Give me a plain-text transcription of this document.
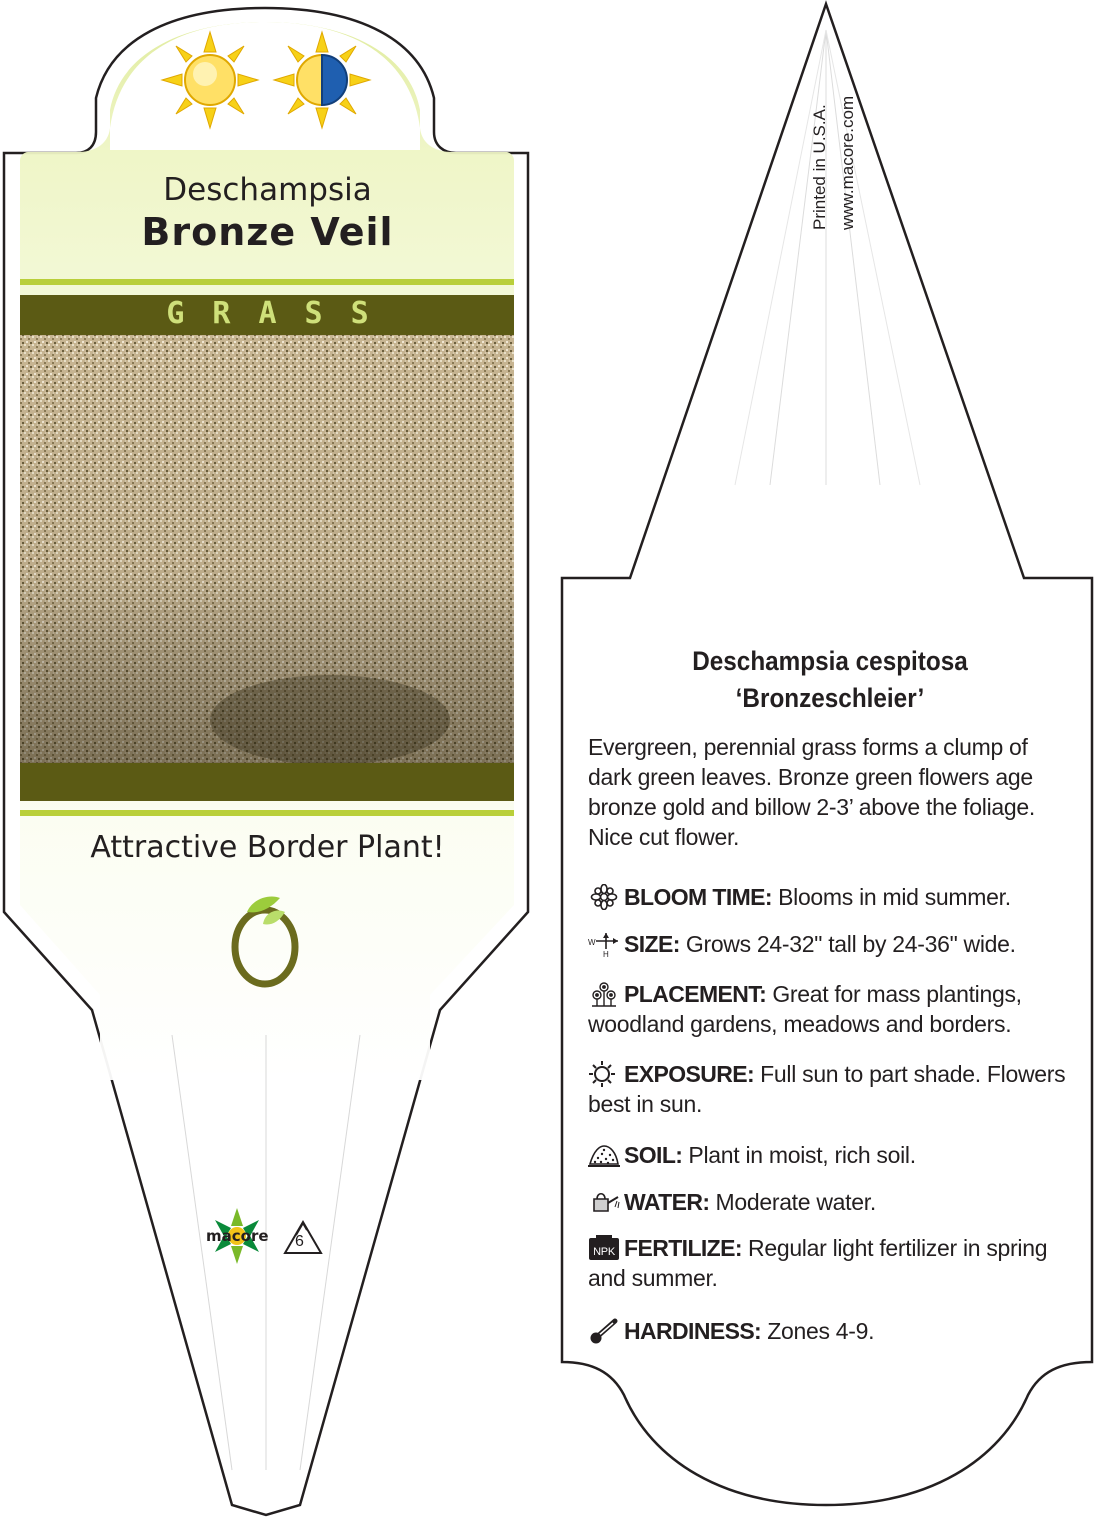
Deschampsia
Bronze Veil
GRASS
Attractive Border Plant!
macore 6
Printed in U.S.A. www.macore.com
Deschampsia cespitosa
‘Bronzeschleier’
Evergreen, perennial grass forms a clump of dark green leaves. Bronze green flowers age bronze gold and billow 2-3’ above the foliage. Nice cut flower.
BLOOM TIME: Blooms in mid summer.
W
H SIZE: Grows 24-32" tall by 24-36" wide.
PLACEMENT: Great for mass plantings, woodland gardens, meadows and borders.
EXPOSURE: Full sun to part shade. Flowers best in sun.
SOIL: Plant in moist, rich soil.
WATER: Moderate water.
NPK FERTILIZE: Regular light fertilizer in spring and summer.
HARDINESS: Zones 4-9.
